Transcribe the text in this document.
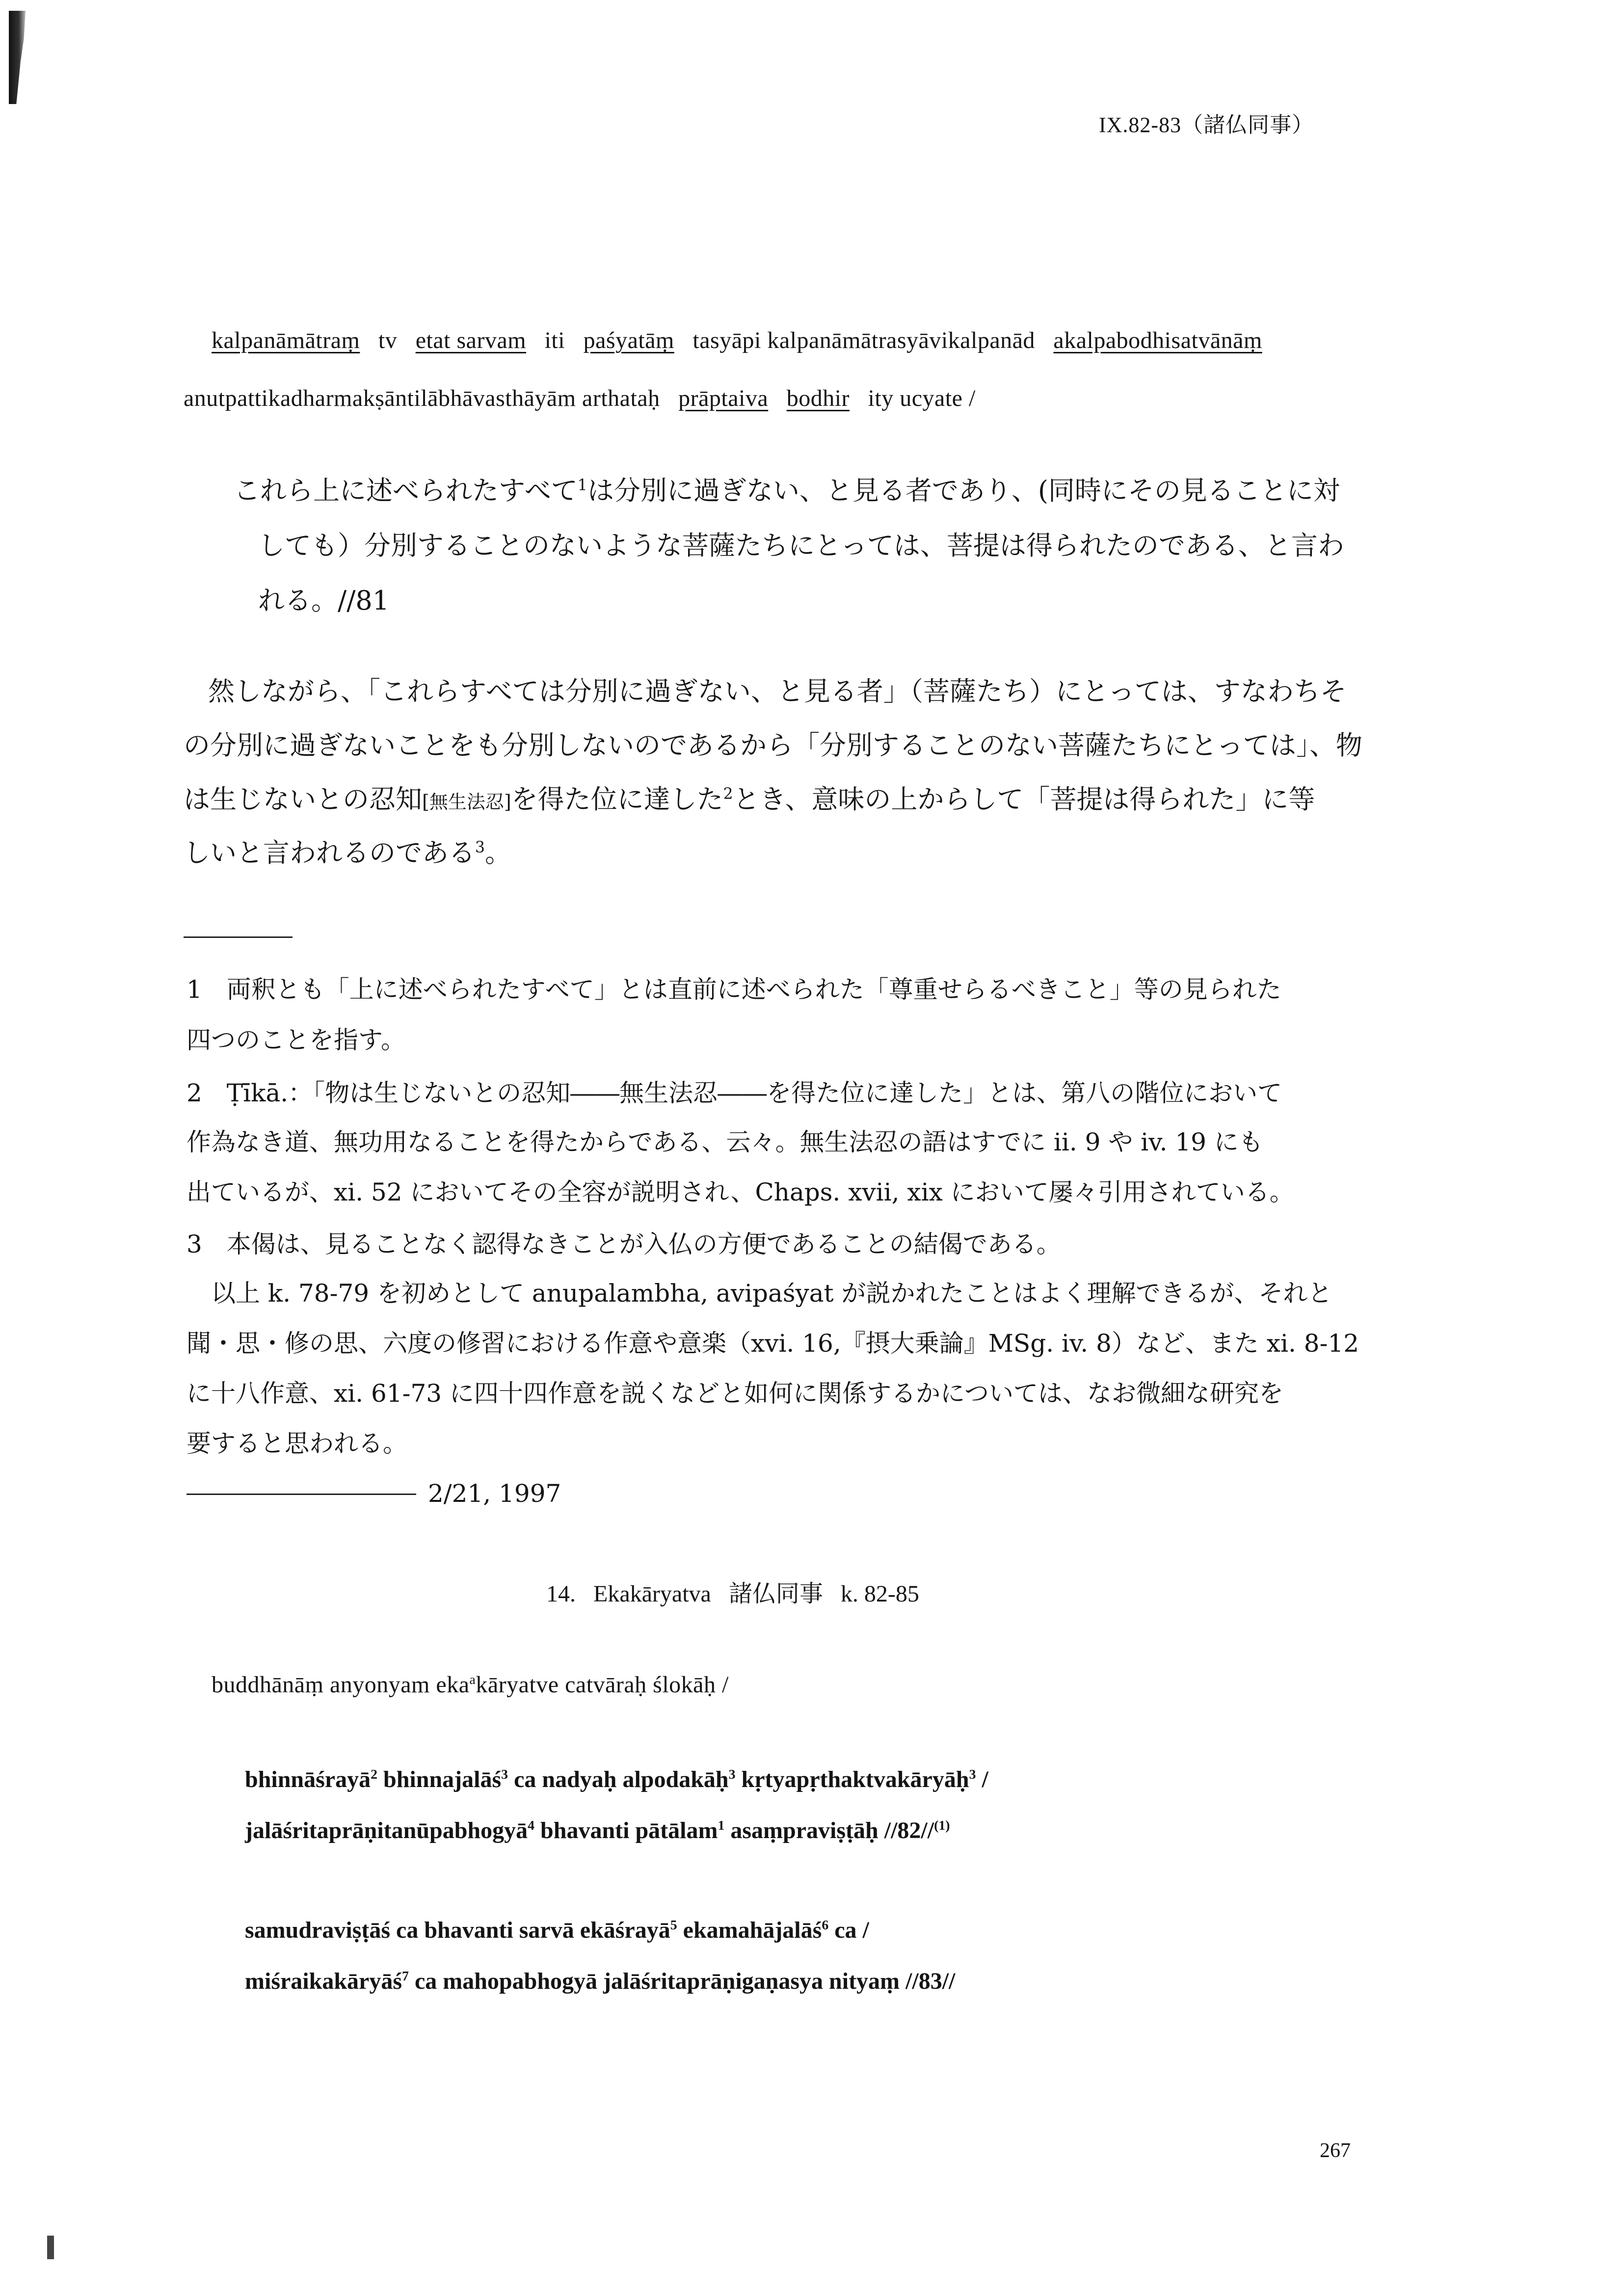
IX.82-83（諸仏同事）
kalpanāmātraṃ tv etat sarvam iti paśyatāṃ tasyāpi kalpanāmātrasyāvikalpanād akalpabodhisatvānāṃ
anutpattikadharmakṣāntilābhāvasthāyām arthataḥ prāptaiva bodhir ity ucyate /
これら上に述べられたすべて$^1$は分別に過ぎない、と見る者であり、(同時にその見ることに対
しても）分別することのないような菩薩たちにとっては、菩提は得られたのである、と言わ
れる。//81
然しながら、「これらすべては分別に過ぎない、と見る者」（菩薩たち）にとっては、すなわちそ
の分別に過ぎないことをも分別しないのであるから「分別することのない菩薩たちにとっては」、物
は生じないとの忍知[無生法忍]を得た位に達した$^2$とき、意味の上からして「菩提は得られた」に等
しいと言われるのである$^3$。
1　両釈とも「上に述べられたすべて」とは直前に述べられた「尊重せらるべきこと」等の見られた
四つのことを指す。
2　Ṭīkā.：「物は生じないとの忍知――無生法忍――を得た位に達した」とは、第八の階位において
作為なき道、無功用なることを得たからである、云々。無生法忍の語はすでに ii. 9 や iv. 19 にも
出ているが、xi. 52 においてその全容が説明され、Chaps. xvii, xix において屡々引用されている。
3　本偈は、見ることなく認得なきことが入仏の方便であることの結偈である。
以上 k. 78-79 を初めとして anupalambha, avipaśyat が説かれたことはよく理解できるが、それと
聞・思・修の思、六度の修習における作意や意楽（xvi. 16,『摂大乗論』MSg. iv. 8）など、また xi. 8-12
に十八作意、xi. 61-73 に四十四作意を説くなどと如何に関係するかについては、なお微細な研究を
要すると思われる。
2/21, 1997
14. Ekakāryatva 諸仏同事 k. 82-85
buddhānāṃ anyonyam eka$^a$kāryatve catvāraḥ ślokāḥ /
bhinnāśrayā$^2$ bhinnajalāś$^3$ ca nadyaḥ alpodakāḥ$^3$ kṛtyapṛthaktvakāryāḥ$^3$ /
jalāśritaprāṇitanūpabhogyā$^4$ bhavanti pātālam$^1$ asaṃpraviṣṭāḥ //82//$^{(1)}$
samudraviṣṭāś ca bhavanti sarvā ekāśrayā$^5$ ekamahājalāś$^6$ ca /
miśraikakāryāś$^7$ ca mahopabhogyā jalāśritaprāṇigaṇasya nityaṃ //83//
267
